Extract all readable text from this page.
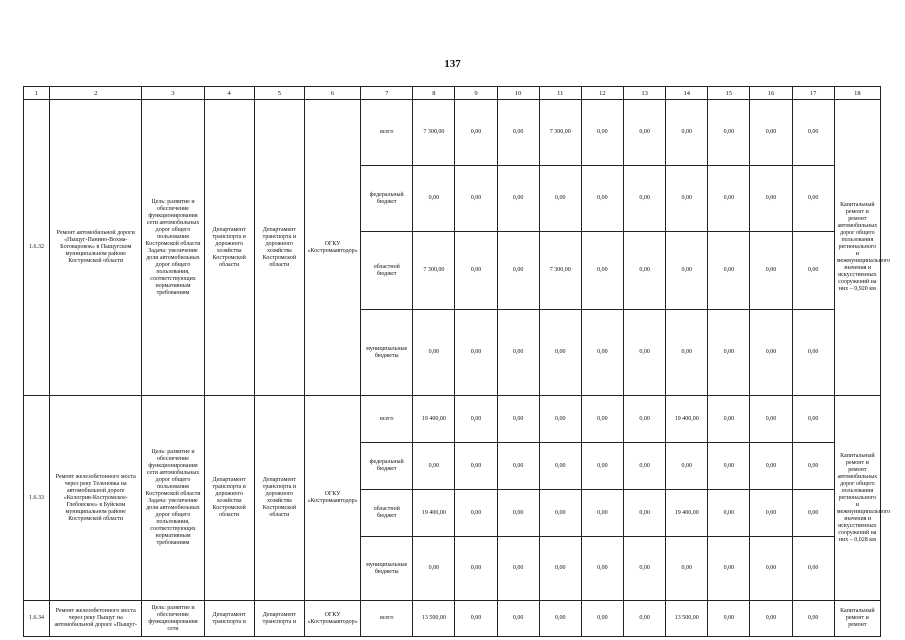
137
1	2	3	4	5	6	7	8	9	10	11	12	13	14	15	16	17	18
1.6.32	Ремонт автомобильной дороги «Пыщуг-Панино-Вохма-Боговаровок» в Пыщугском муниципальном районе Костромской области	Цель: развитие и обеспечение функционирования сети автомобильных дорог общего пользования Костромской области Задача: увеличение доли автомобильных дорог общего пользования, соответствующих нормативным требованиям	Департамент транспорта и дорожного хозяйства Костромской области	Департамент транспорта и дорожного хозяйства Костромской области	ОГКУ «Костромаавтодор»	всего	7 300,00	0,00	0,00	7 300,00	0,00	0,00	0,00	0,00	0,00	0,00	Капитальный ремонт и ремонт автомобильных дорог общего пользования регионального и межмуниципального значения и искусственных сооружений на них – 0,920 км
						федеральный бюджет	0,00	0,00	0,00	0,00	0,00	0,00	0,00	0,00	0,00	0,00	
						областной бюджет	7 300,00	0,00	0,00	7 300,00	0,00	0,00	0,00	0,00	0,00	0,00	
						муниципальные бюджеты	0,00	0,00	0,00	0,00	0,00	0,00	0,00	0,00	0,00	0,00	
1.6.33	Ремонт железобетонного моста через реку Теленовка на автомобильной дороге «Кологрив-Костромское-Глебовское» в Буйском муниципальном районе Костромской области	Цель: развитие и обеспечение функционирования сети автомобильных дорог общего пользования Костромской области Задача: увеличение доли автомобильных дорог общего пользования, соответствующих нормативным требованиям	Департамент транспорта и дорожного хозяйства Костромской области	Департамент транспорта и дорожного хозяйства Костромской области	ОГКУ «Костромаавтодор»	всего	19 400,00	0,00	0,00	0,00	0,00	0,00	19 400,00	0,00	0,00	0,00	Капитальный ремонт и ремонт автомобильных дорог общего пользования регионального и межмуниципального значения и искусственных сооружений на них – 0,028 км
						федеральный бюджет	0,00	0,00	0,00	0,00	0,00	0,00	0,00	0,00	0,00	0,00	
						областной бюджет	19 400,00	0,00	0,00	0,00	0,00	0,00	19 400,00	0,00	0,00	0,00	
						муниципальные бюджеты	0,00	0,00	0,00	0,00	0,00	0,00	0,00	0,00	0,00	0,00	
1.6.34	Ремонт железобетонного моста через реку Пыщуг на автомобильной дороге «Пыщуг-	Цель: развитие и обеспечение функционирования сети	Департамент транспорта и	Департамент транспорта и	ОГКУ «Костромаавтодор»	всего	13 500,00	0,00	0,00	0,00	0,00	0,00	13 500,00	0,00	0,00	0,00	Капитальный ремонт и ремонт
